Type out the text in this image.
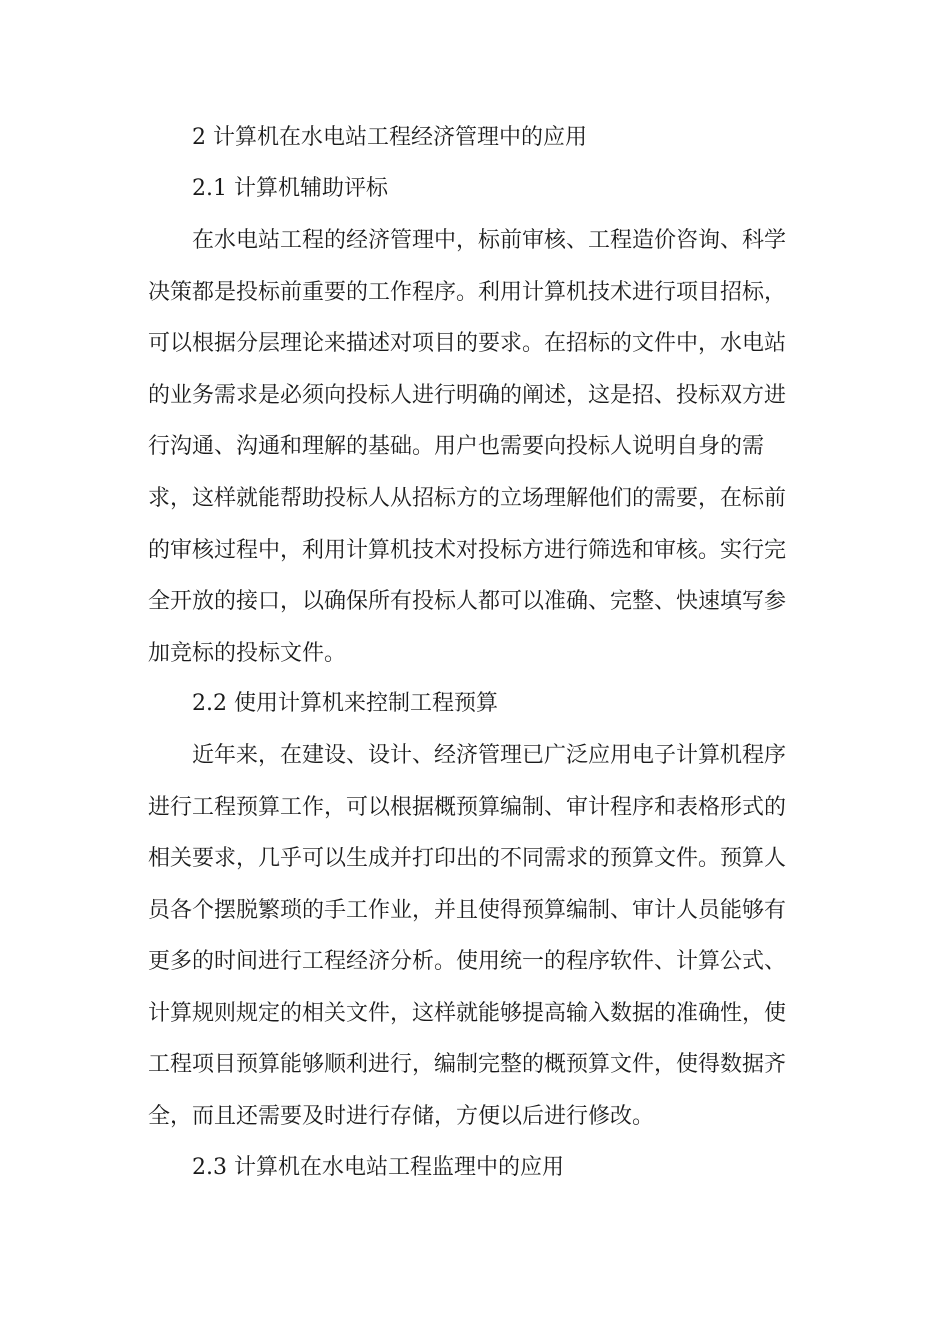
2 计算机在水电站工程经济管理中的应用
2.1 计算机辅助评标
在水电站工程的经济管理中，标前审核、工程造价咨询、科学
决策都是投标前重要的工作程序。利用计算机技术进行项目招标，
可以根据分层理论来描述对项目的要求。在招标的文件中，水电站
的业务需求是必须向投标人进行明确的阐述，这是招、投标双方进
行沟通、沟通和理解的基础。用户也需要向投标人说明自身的需
求，这样就能帮助投标人从招标方的立场理解他们的需要，在标前
的审核过程中，利用计算机技术对投标方进行筛选和审核。实行完
全开放的接口，以确保所有投标人都可以准确、完整、快速填写参
加竞标的投标文件。
2.2 使用计算机来控制工程预算
近年来，在建设、设计、经济管理已广泛应用电子计算机程序
进行工程预算工作，可以根据概预算编制、审计程序和表格形式的
相关要求，几乎可以生成并打印出的不同需求的预算文件。预算人
员各个摆脱繁琐的手工作业，并且使得预算编制、审计人员能够有
更多的时间进行工程经济分析。使用统一的程序软件、计算公式、
计算规则规定的相关文件，这样就能够提高输入数据的准确性，使
工程项目预算能够顺利进行，编制完整的概预算文件，使得数据齐
全，而且还需要及时进行存储，方便以后进行修改。
2.3 计算机在水电站工程监理中的应用
